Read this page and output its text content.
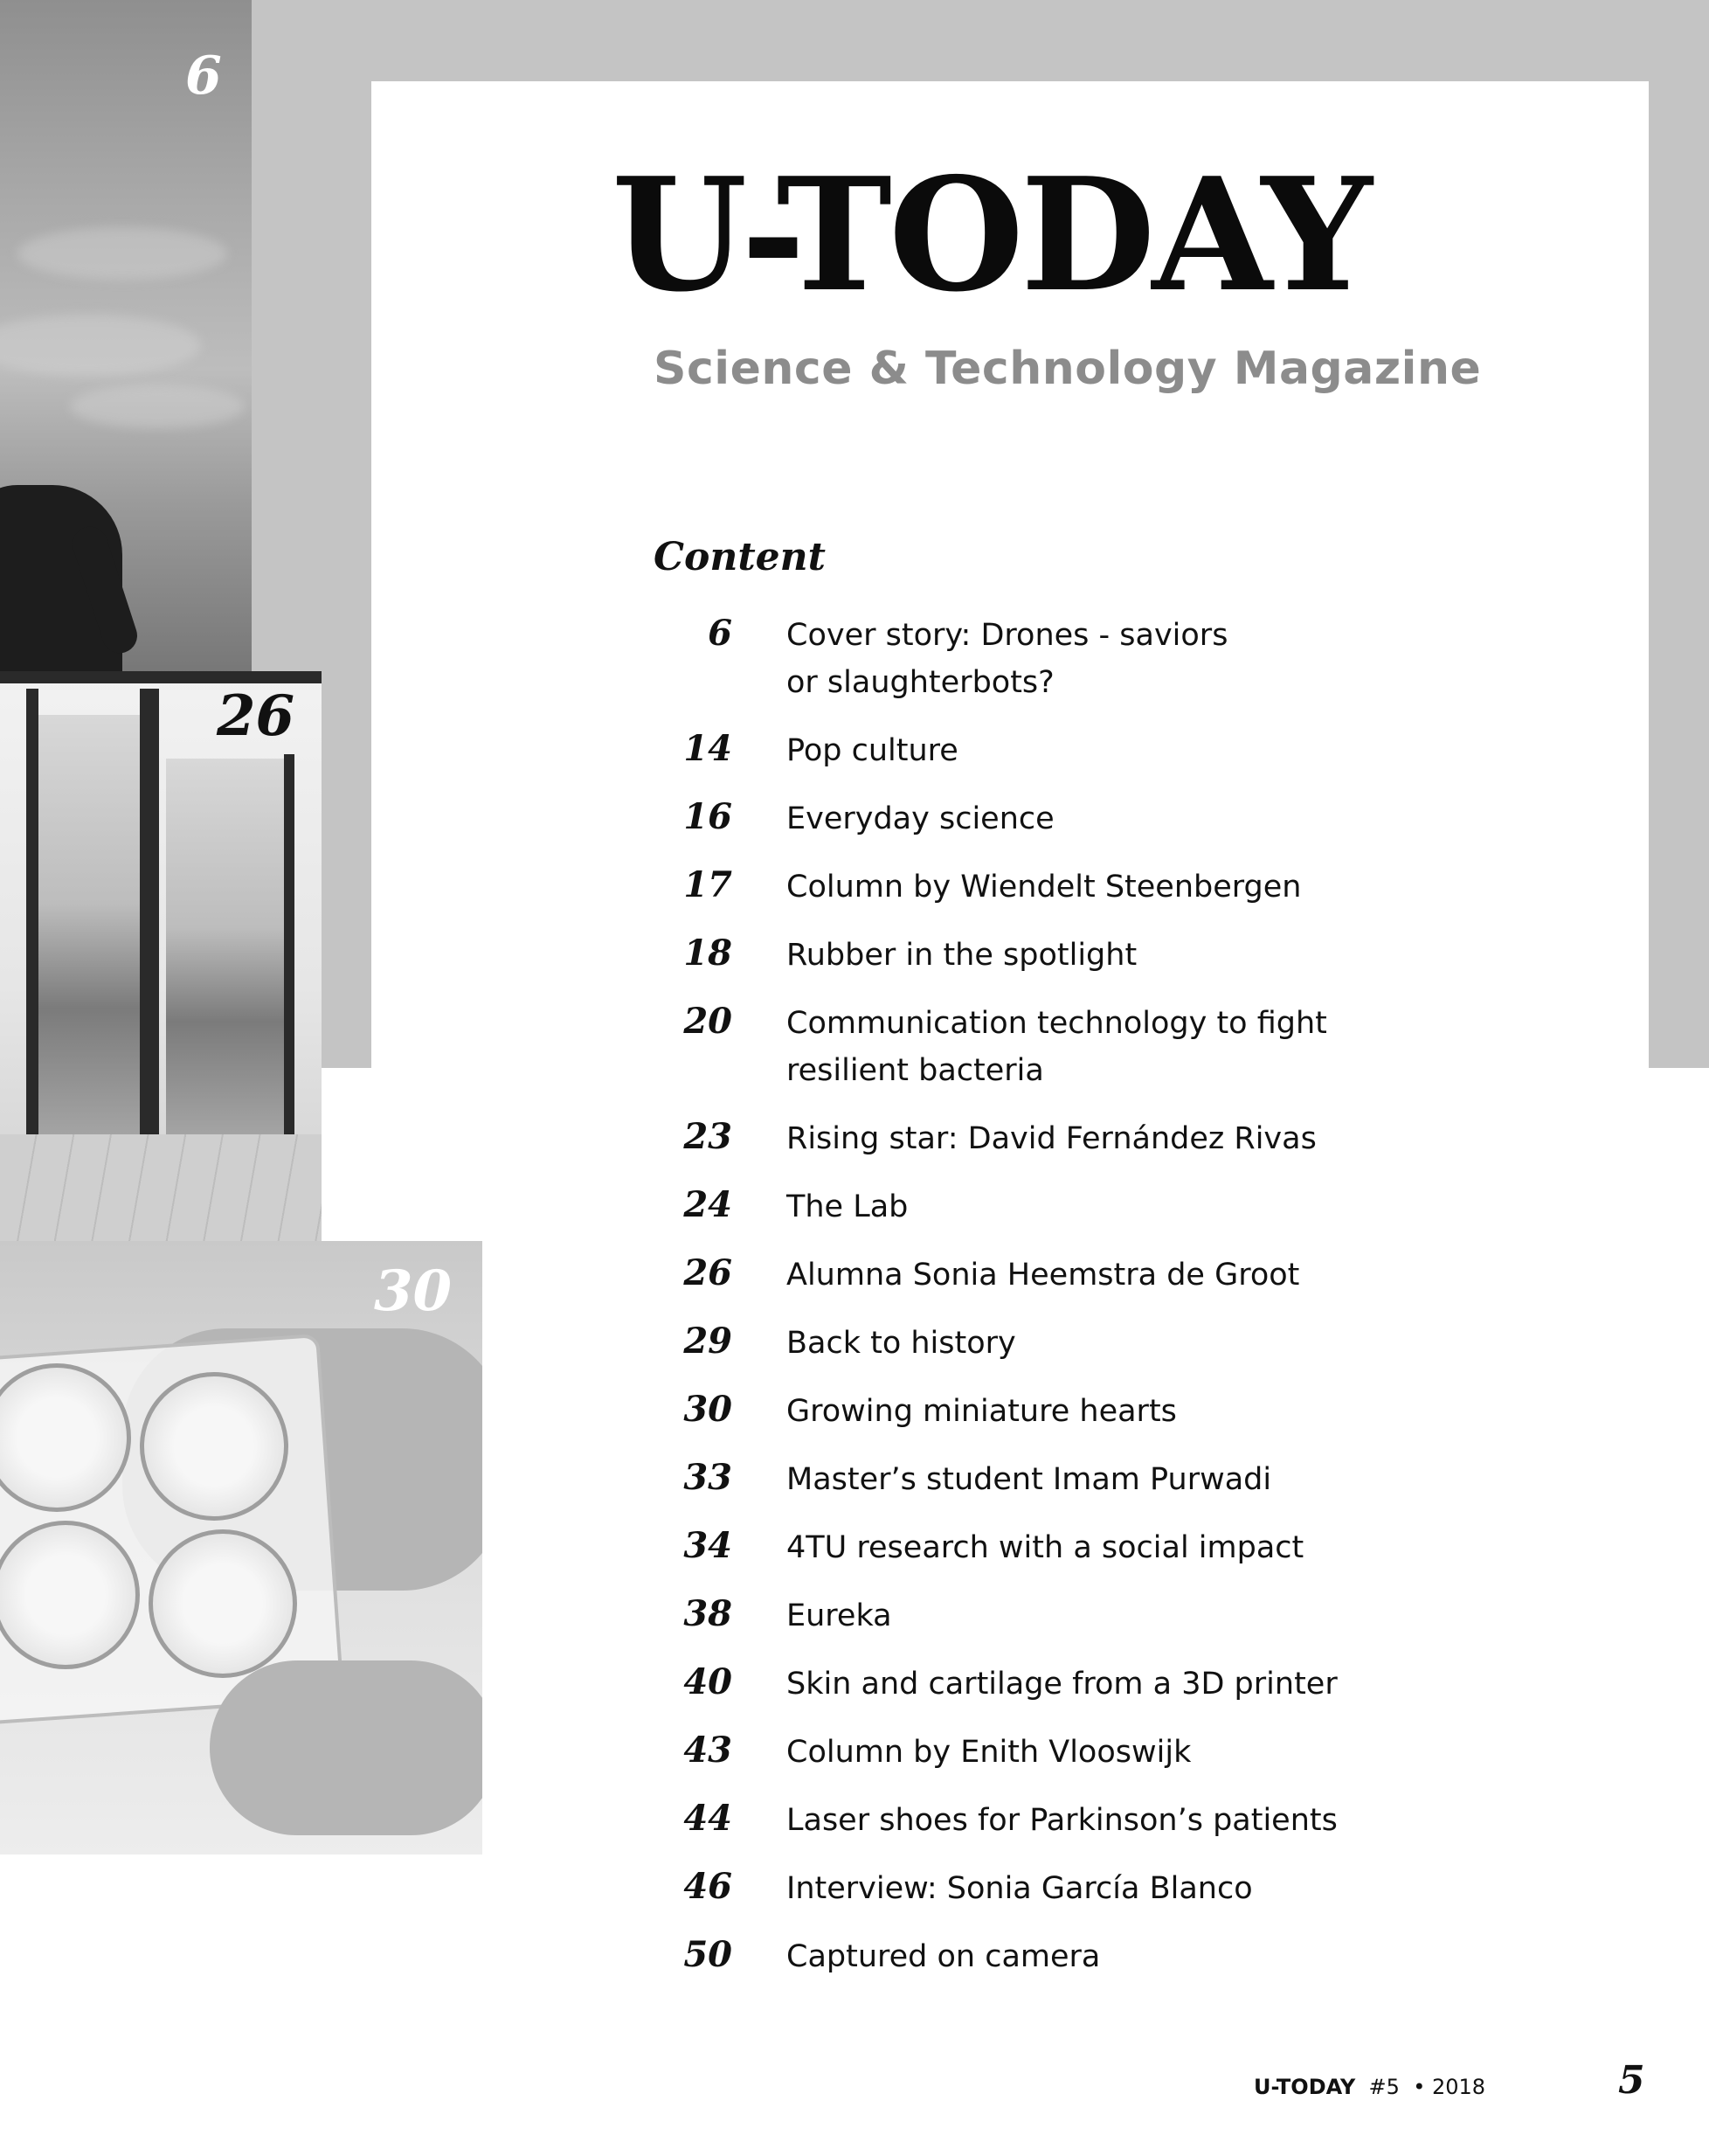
6
26
30
U-TODAY
Science & Technology Magazine
Content
6 Cover story: Drones - saviors or slaughterbots?
14 Pop culture
16 Everyday science
17 Column by Wiendelt Steenbergen
18 Rubber in the spotlight
20 Communication technology to fight resilient bacteria
23 Rising star: David Fernández Rivas
24 The Lab
26 Alumna Sonia Heemstra de Groot
29 Back to history
30 Growing miniature hearts
33 Master’s student Imam Purwadi
34 4TU research with a social impact
38 Eureka
40 Skin and cartilage from a 3D printer
43 Column by Enith Vlooswijk
44 Laser shoes for Parkinson’s patients
46 Interview: Sonia García Blanco
50 Captured on camera
U-TODAY #5 • 2018	5
